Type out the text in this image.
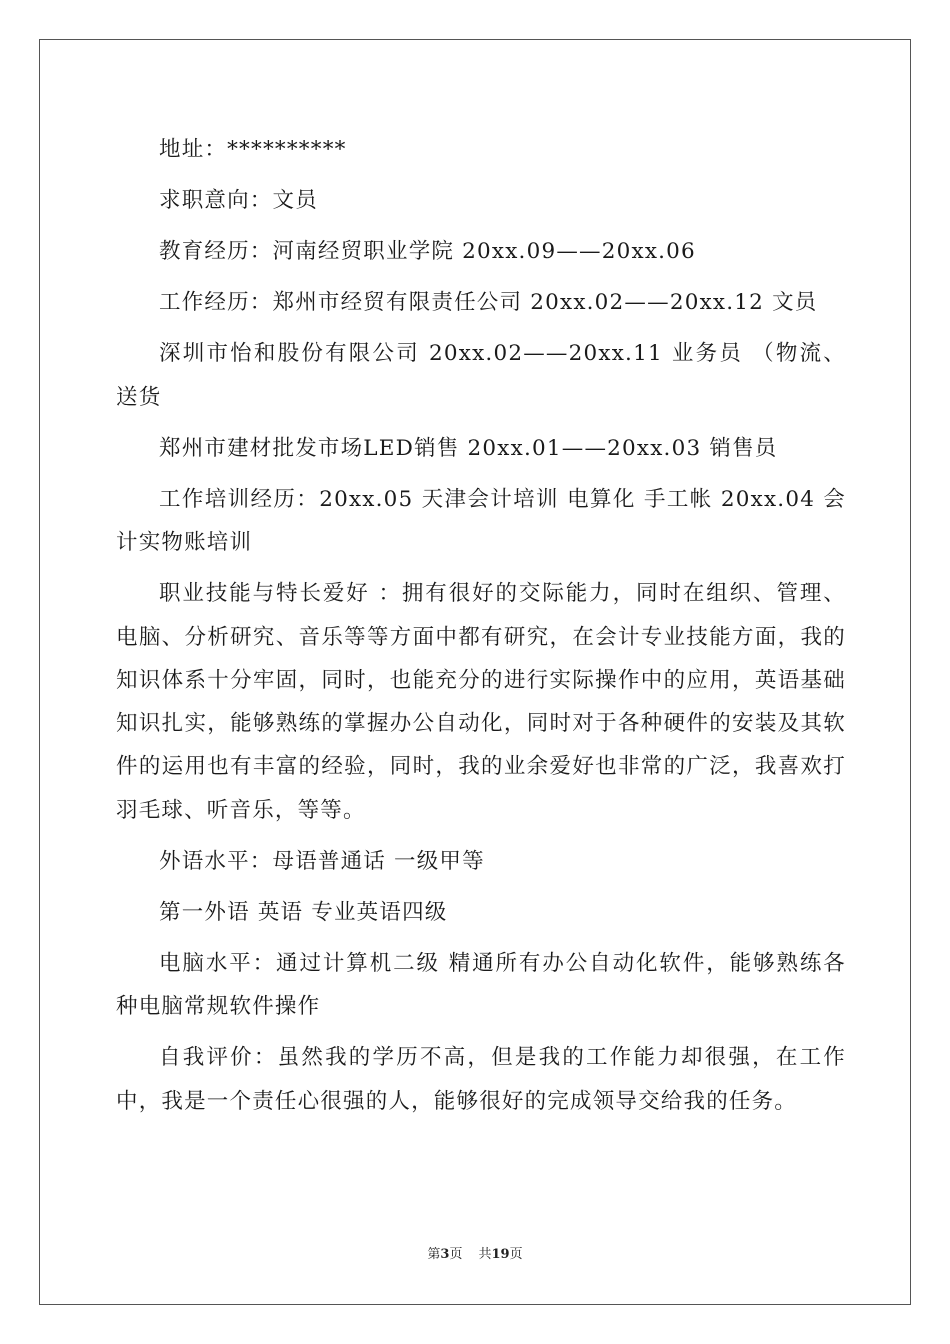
地址：**********

求职意向：文员

教育经历：河南经贸职业学院 20xx.09——20xx.06

工作经历：郑州市经贸有限责任公司 20xx.02——20xx.12 文员

深圳市怡和股份有限公司 20xx.02——20xx.11 业务员 （物流、送货

郑州市建材批发市场LED销售 20xx.01——20xx.03 销售员

工作培训经历：20xx.05 天津会计培训 电算化 手工帐 20xx.04 会计实物账培训

职业技能与特长爱好 ：拥有很好的交际能力，同时在组织、管理、电脑、分析研究、音乐等等方面中都有研究，在会计专业技能方面，我的知识体系十分牢固，同时，也能充分的进行实际操作中的应用，英语基础知识扎实，能够熟练的掌握办公自动化，同时对于各种硬件的安装及其软件的运用也有丰富的经验，同时，我的业余爱好也非常的广泛，我喜欢打羽毛球、听音乐，等等。

外语水平：母语普通话 一级甲等

第一外语 英语 专业英语四级

电脑水平：通过计算机二级 精通所有办公自动化软件，能够熟练各种电脑常规软件操作

自我评价：虽然我的学历不高，但是我的工作能力却很强，在工作中，我是一个责任心很强的人，能够很好的完成领导交给我的任务。

第3页 共19页
